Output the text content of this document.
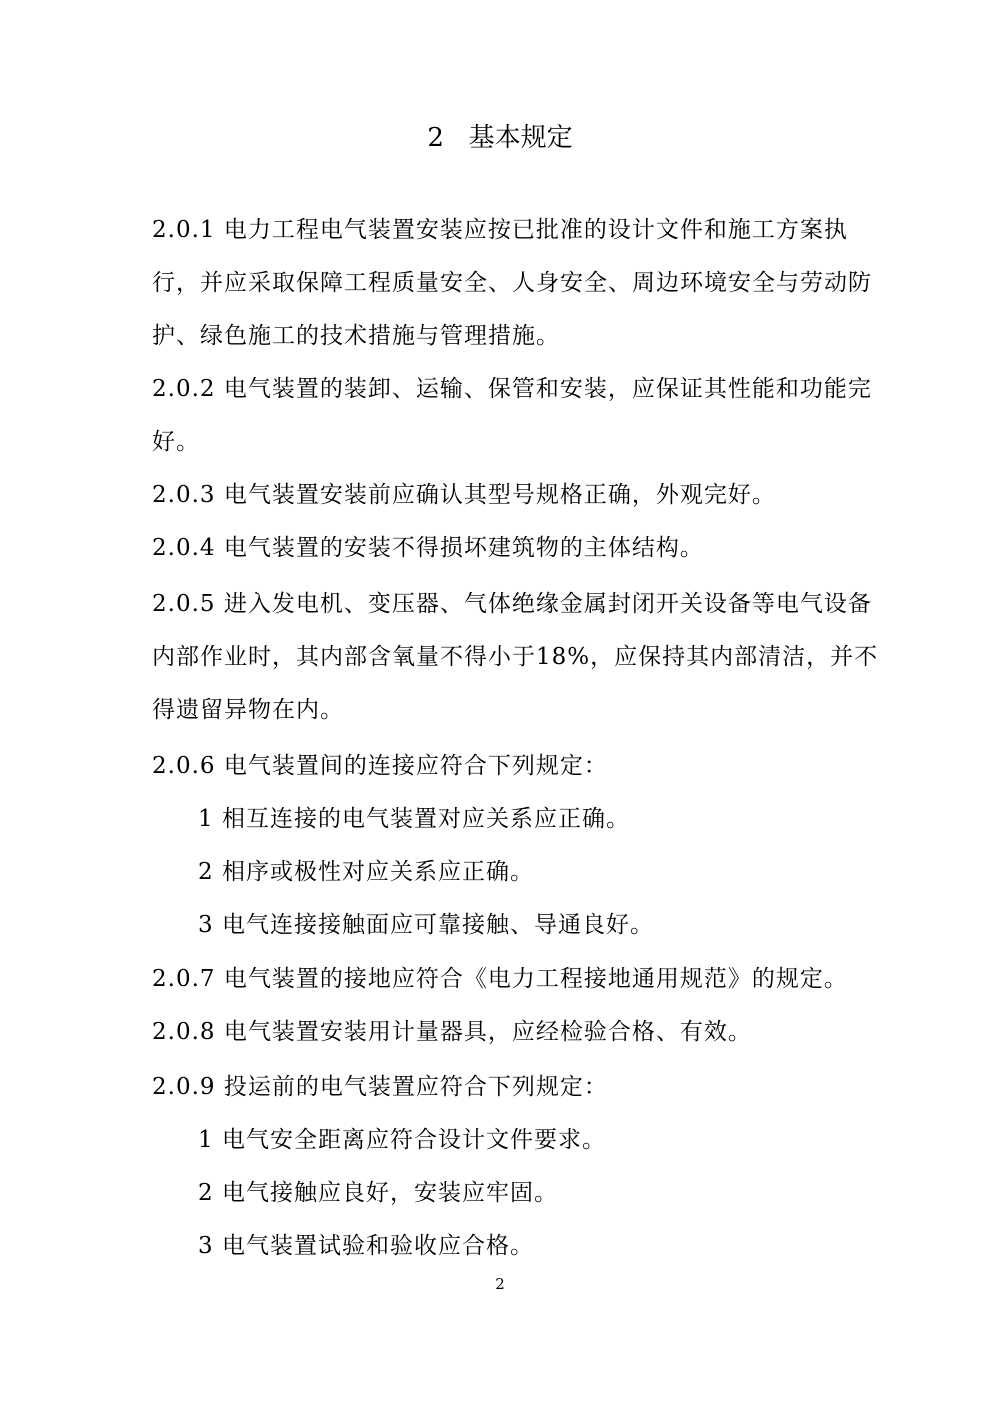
2   基本规定
2.0.1 电力工程电气装置安装应按已批准的设计文件和施工方案执
行，并应采取保障工程质量安全、人身安全、周边环境安全与劳动防
护、绿色施工的技术措施与管理措施。
2.0.2 电气装置的装卸、运输、保管和安装，应保证其性能和功能完
好。
2.0.3 电气装置安装前应确认其型号规格正确，外观完好。
2.0.4 电气装置的安装不得损坏建筑物的主体结构。
2.0.5 进入发电机、变压器、气体绝缘金属封闭开关设备等电气设备
内部作业时，其内部含氧量不得小于18%，应保持其内部清洁，并不
得遗留异物在内。
2.0.6 电气装置间的连接应符合下列规定：
1 相互连接的电气装置对应关系应正确。
2 相序或极性对应关系应正确。
3 电气连接接触面应可靠接触、导通良好。
2.0.7 电气装置的接地应符合《电力工程接地通用规范》的规定。
2.0.8 电气装置安装用计量器具，应经检验合格、有效。
2.0.9 投运前的电气装置应符合下列规定：
1 电气安全距离应符合设计文件要求。
2 电气接触应良好，安装应牢固。
3 电气装置试验和验收应合格。
2
